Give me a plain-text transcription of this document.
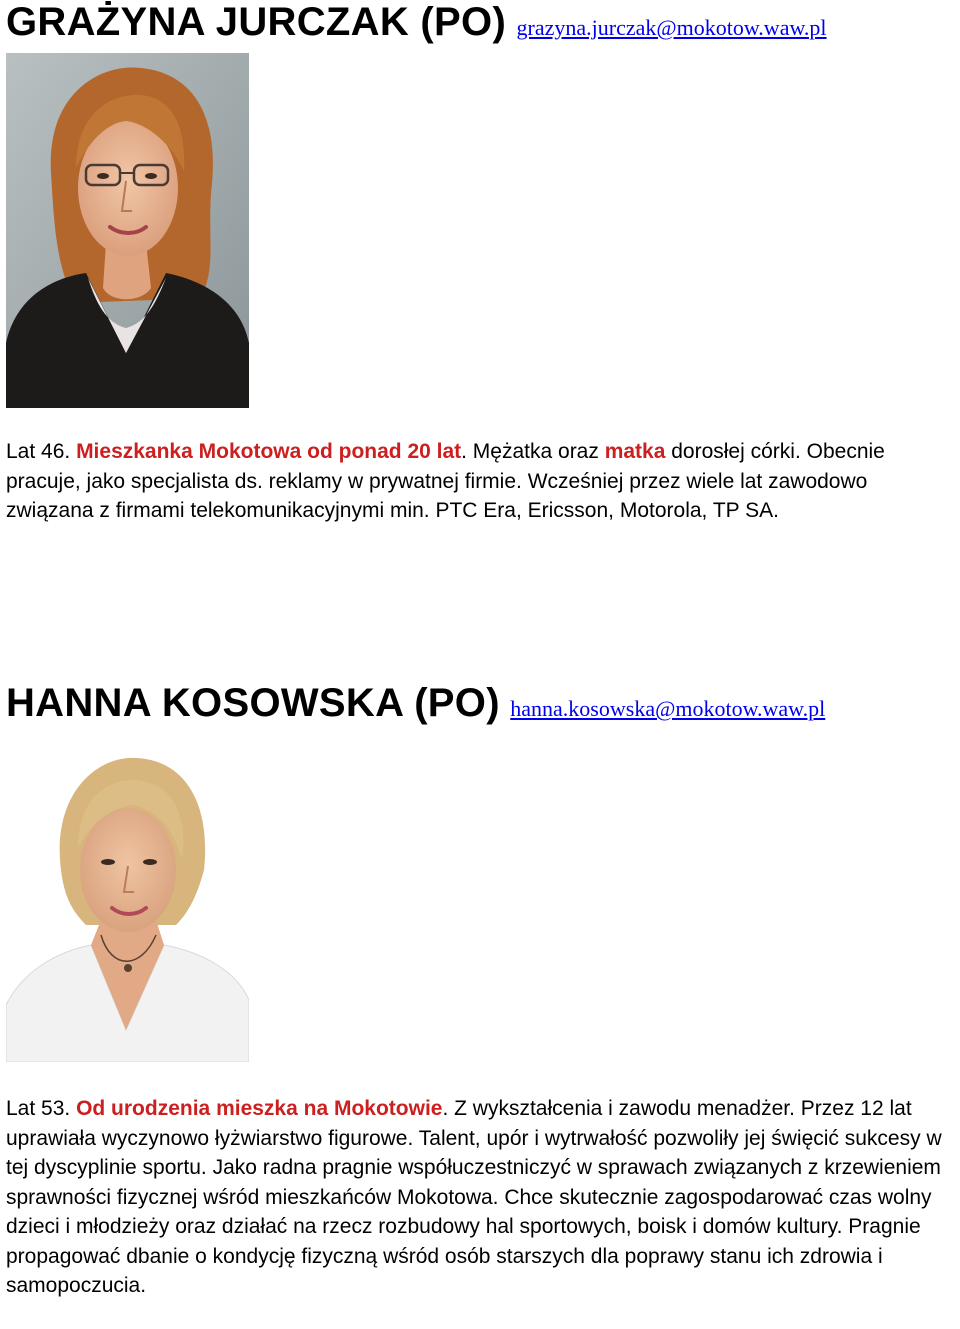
GRAŻYNA JURCZAK (PO) grazyna.jurczak@mokotow.waw.pl
Lat 46. Mieszkanka Mokotowa od ponad 20 lat. Mężatka oraz matka dorosłej córki. Obecnie pracuje, jako specjalista ds. reklamy w prywatnej firmie. Wcześniej przez wiele lat zawodowo związana z firmami telekomunikacyjnymi min. PTC Era, Ericsson, Motorola, TP SA.
HANNA KOSOWSKA (PO) hanna.kosowska@mokotow.waw.pl
Lat 53. Od urodzenia mieszka na Mokotowie. Z wykształcenia i zawodu menadżer. Przez 12 lat uprawiała wyczynowo łyżwiarstwo figurowe. Talent, upór i wytrwałość pozwoliły jej święcić sukcesy w tej dyscyplinie sportu. Jako radna pragnie współuczestniczyć w sprawach związanych z krzewieniem sprawności fizycznej wśród mieszkańców Mokotowa. Chce skutecznie zagospodarować czas wolny dzieci i młodzieży oraz działać na rzecz rozbudowy hal sportowych, boisk i domów kultury. Pragnie propagować dbanie o kondycję fizyczną wśród osób starszych dla poprawy stanu ich zdrowia i samopoczucia.
